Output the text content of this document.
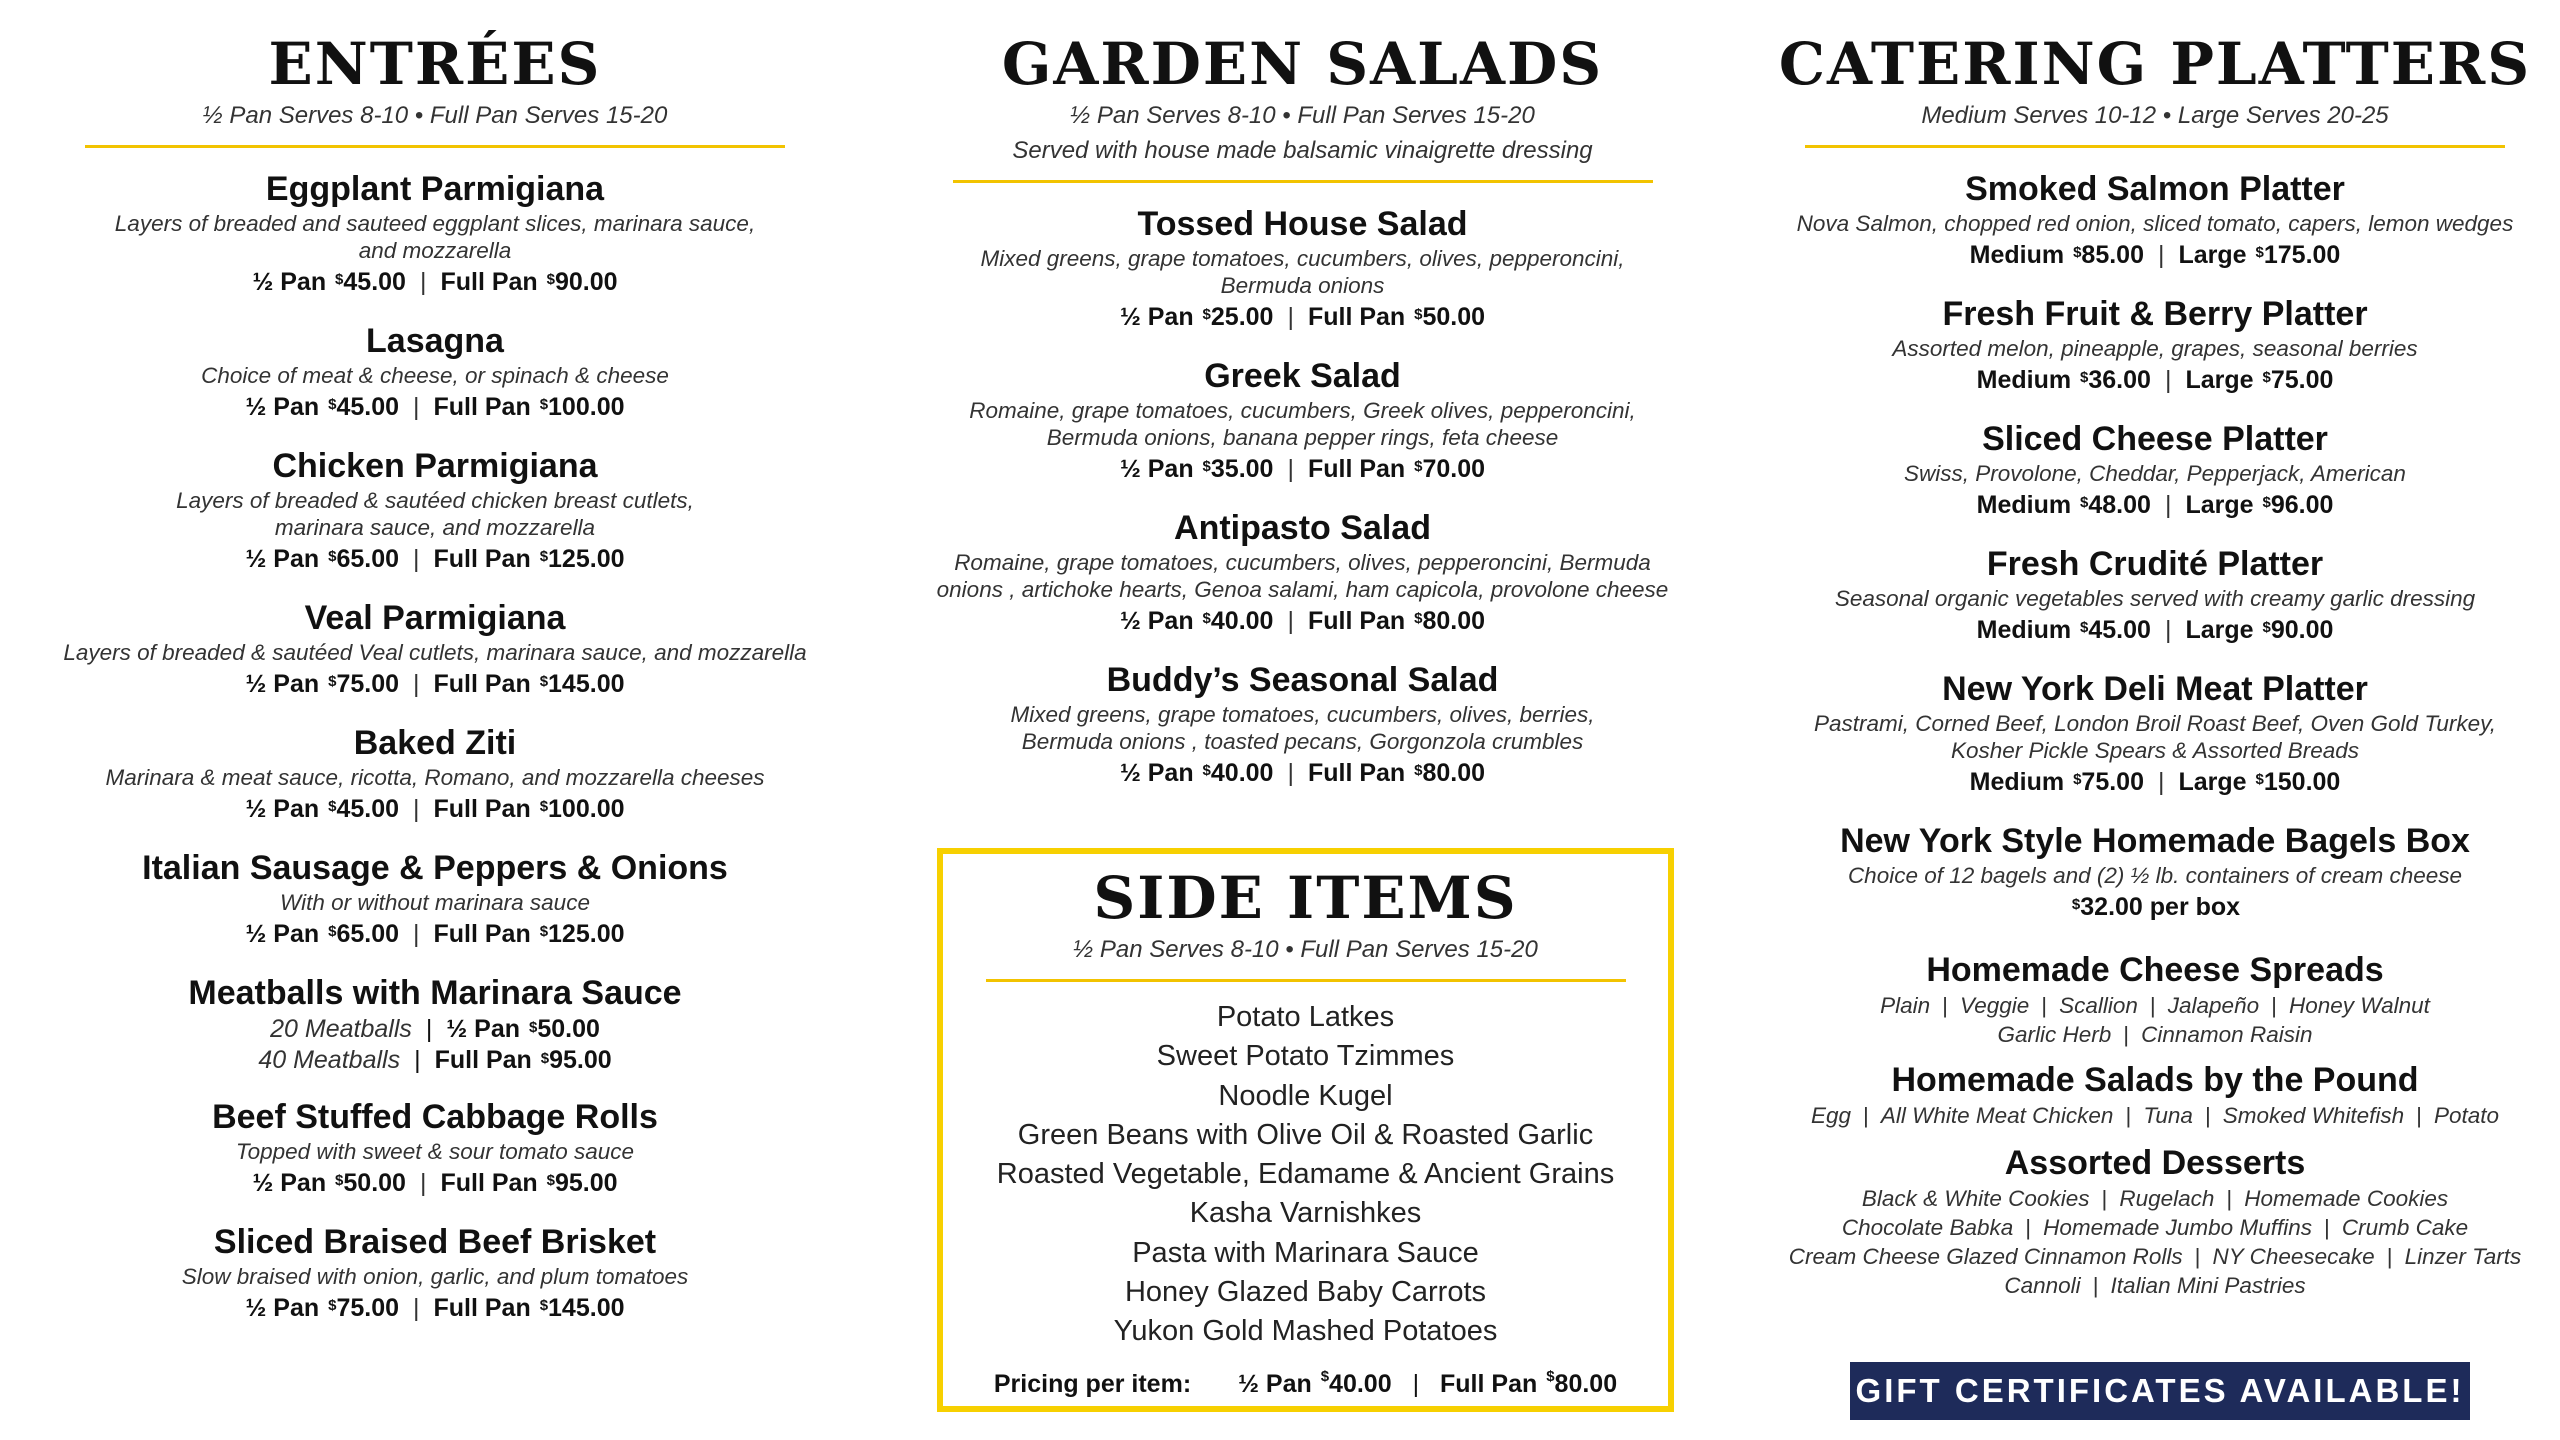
ENTRÉES
½ Pan Serves 8-10 • Full Pan Serves 15-20
Eggplant Parmigiana
Layers of breaded and sauteed eggplant slices, marinara sauce,
and mozzarella
½ Pan $45.00 | Full Pan $90.00
Lasagna
Choice of meat & cheese, or spinach & cheese
½ Pan $45.00 | Full Pan $100.00
Chicken Parmigiana
Layers of breaded & sautéed chicken breast cutlets,
marinara sauce, and mozzarella
½ Pan $65.00 | Full Pan $125.00
Veal Parmigiana
Layers of breaded & sautéed Veal cutlets, marinara sauce, and mozzarella
½ Pan $75.00 | Full Pan $145.00
Baked Ziti
Marinara & meat sauce, ricotta, Romano, and mozzarella cheeses
½ Pan $45.00 | Full Pan $100.00
Italian Sausage & Peppers & Onions
With or without marinara sauce
½ Pan $65.00 | Full Pan $125.00
Meatballs with Marinara Sauce
20 Meatballs | ½ Pan $50.00
40 Meatballs | Full Pan $95.00
Beef Stuffed Cabbage Rolls
Topped with sweet & sour tomato sauce
½ Pan $50.00 | Full Pan $95.00
Sliced Braised Beef Brisket
Slow braised with onion, garlic, and plum tomatoes
½ Pan $75.00 | Full Pan $145.00
GARDEN SALADS
½ Pan Serves 8-10 • Full Pan Serves 15-20
Served with house made balsamic vinaigrette dressing
Tossed House Salad
Mixed greens, grape tomatoes, cucumbers, olives, pepperoncini,
Bermuda onions
½ Pan $25.00 | Full Pan $50.00
Greek Salad
Romaine, grape tomatoes, cucumbers, Greek olives, pepperoncini,
Bermuda onions, banana pepper rings, feta cheese
½ Pan $35.00 | Full Pan $70.00
Antipasto Salad
Romaine, grape tomatoes, cucumbers, olives, pepperoncini, Bermuda
onions , artichoke hearts, Genoa salami, ham capicola, provolone cheese
½ Pan $40.00 | Full Pan $80.00
Buddy’s Seasonal Salad
Mixed greens, grape tomatoes, cucumbers, olives, berries,
Bermuda onions , toasted pecans, Gorgonzola crumbles
½ Pan $40.00 | Full Pan $80.00
SIDE ITEMS
½ Pan Serves 8-10 • Full Pan Serves 15-20
Potato Latkes
Sweet Potato Tzimmes
Noodle Kugel
Green Beans with Olive Oil & Roasted Garlic
Roasted Vegetable, Edamame & Ancient Grains
Kasha Varnishkes
Pasta with Marinara Sauce
Honey Glazed Baby Carrots
Yukon Gold Mashed Potatoes
Pricing per item: ½ Pan $40.00 | Full Pan $80.00
CATERING PLATTERS
Medium Serves 10-12 • Large Serves 20-25
Smoked Salmon Platter
Nova Salmon, chopped red onion, sliced tomato, capers, lemon wedges
Medium $85.00 | Large $175.00
Fresh Fruit & Berry Platter
Assorted melon, pineapple, grapes, seasonal berries
Medium $36.00 | Large $75.00
Sliced Cheese Platter
Swiss, Provolone, Cheddar, Pepperjack, American
Medium $48.00 | Large $96.00
Fresh Crudité Platter
Seasonal organic vegetables served with creamy garlic dressing
Medium $45.00 | Large $90.00
New York Deli Meat Platter
Pastrami, Corned Beef, London Broil Roast Beef, Oven Gold Turkey,
Kosher Pickle Spears & Assorted Breads
Medium $75.00 | Large $150.00
New York Style Homemade Bagels Box
Choice of 12 bagels and (2) ½ lb. containers of cream cheese
$32.00 per box
Homemade Cheese Spreads
Plain | Veggie | Scallion | Jalapeño | Honey Walnut
Garlic Herb | Cinnamon Raisin
Homemade Salads by the Pound
Egg | All White Meat Chicken | Tuna | Smoked Whitefish | Potato
Assorted Desserts
Black & White Cookies | Rugelach | Homemade Cookies
Chocolate Babka | Homemade Jumbo Muffins | Crumb Cake
Cream Cheese Glazed Cinnamon Rolls | NY Cheesecake | Linzer Tarts
Cannoli | Italian Mini Pastries
GIFT CERTIFICATES AVAILABLE!
